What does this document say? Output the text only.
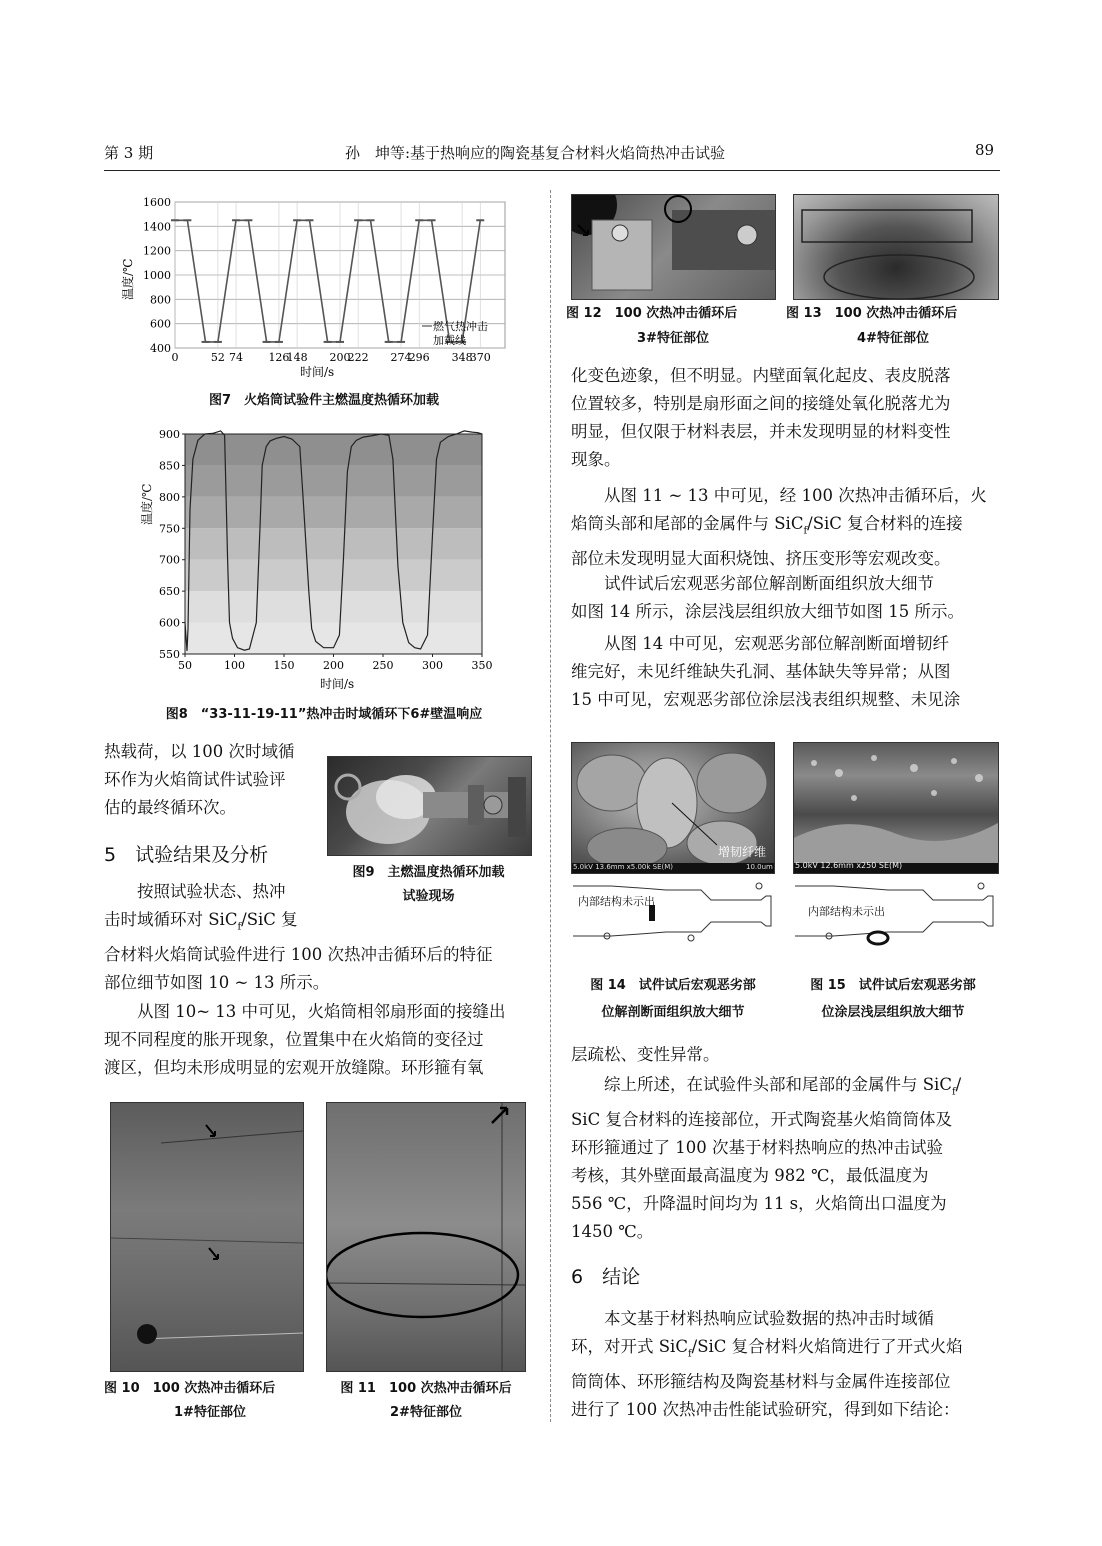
第 3 期	孙　坤等:基于热响应的陶瓷基复合材料火焰筒热冲击试验	89
400
600
800
1000
1200
1400
1600
0	52 74 126
148 200
222 274
296 348
370
温度/℃
时间/s
燃气热冲击
加载线
图7　火焰筒试验件主燃温度热循环加载
550
600
650
700
750
800
850
900
50	100	150	200	250	300	350
时间/s
温度/℃
图8　“33-11-19-11”热冲击时域循环下6#壁温响应
热载荷，以 100 次时域循
环作为火焰筒试件试验评
估的最终循环次。
图9　主燃温度热循环加载
试验现场
5　试验结果及分析
　　按照试验状态、热冲
击时域循环对 SiC$_f$/SiC 复
合材料火焰筒试验件进行 100 次热冲击循环后的特征
部位细节如图 10 ~ 13 所示。
　　从图 10~ 13 中可见，火焰筒相邻扇形面的接缝出
现不同程度的胀开现象，位置集中在火焰筒的变径过
渡区，但均未形成明显的宏观开放缝隙。环形箍有氧
图 10　100 次热冲击循环后
1#特征部位
图 11　100 次热冲击循环后
2#特征部位
图 12　100 次热冲击循环后
3#特征部位
图 13　100 次热冲击循环后
4#特征部位
化变色迹象，但不明显。内壁面氧化起皮、表皮脱落
位置较多，特别是扇形面之间的接缝处氧化脱落尤为
明显，但仅限于材料表层，并未发现明显的材料变性
现象。
　　从图 11 ~ 13 中可见，经 100 次热冲击循环后，火
焰筒头部和尾部的金属件与 SiC$_f$/SiC 复合材料的连接
部位未发现明显大面积烧蚀、挤压变形等宏观改变。
　　试件试后宏观恶劣部位解剖断面组织放大细节
如图 14 所示，涂层浅层组织放大细节如图 15 所示。
　　从图 14 中可见，宏观恶劣部位解剖断面增韧纤
维完好，未见纤维缺失孔洞、基体缺失等异常；从图
15 中可见，宏观恶劣部位涂层浅表组织规整、未见涂
增韧纤维
5.0kV 13.6mm x5.00k SE(M)	10.0um
内部结构未示出
5.0kV 12.6mm x250 SE(M)
内部结构未示出
图 14　试件试后宏观恶劣部
位解剖断面组织放大细节
图 15　试件试后宏观恶劣部
位涂层浅层组织放大细节
层疏松、变性异常。
　　综上所述，在试验件头部和尾部的金属件与 SiC$_f$/
SiC 复合材料的连接部位，开式陶瓷基火焰筒筒体及
环形箍通过了 100 次基于材料热响应的热冲击试验
考核，其外壁面最高温度为 982 ℃，最低温度为
556 ℃，升降温时间均为 11 s，火焰筒出口温度为
1450 ℃。
6　结论
　　本文基于材料热响应试验数据的热冲击时域循
环，对开式 SiC$_f$/SiC 复合材料火焰筒进行了开式火焰
筒筒体、环形箍结构及陶瓷基材料与金属件连接部位
进行了 100 次热冲击性能试验研究，得到如下结论：
